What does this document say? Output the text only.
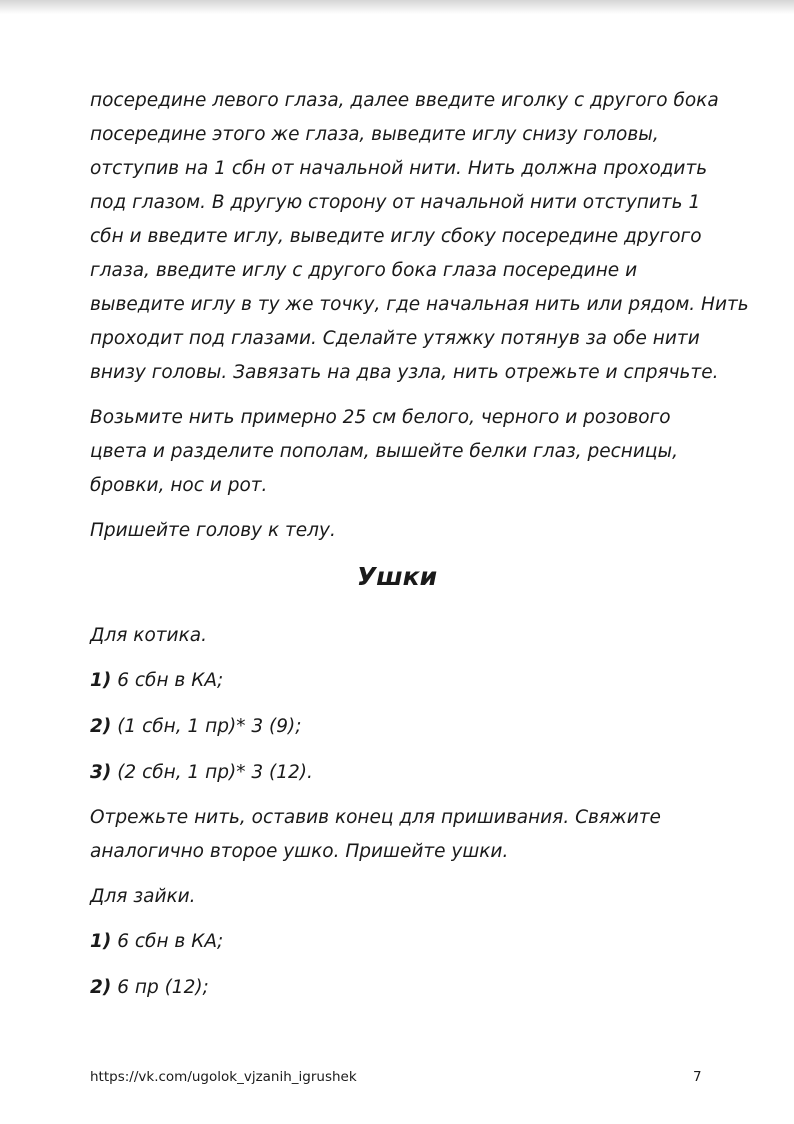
посередине левого глаза, далее введите иголку с другого бока
посередине этого же глаза, выведите иглу снизу головы,
отступив на 1 сбн от начальной нити. Нить должна проходить
под глазом. В другую сторону от начальной нити отступить 1
сбн и введите иглу, выведите иглу сбоку посередине другого
глаза, введите иглу с другого бока глаза посередине и
выведите иглу в ту же точку, где начальная нить или рядом. Нить
проходит под глазами. Сделайте утяжку потянув за обе нити
внизу головы. Завязать на два узла, нить отрежьте и спрячьте.
Возьмите нить примерно 25 см белого, черного и розового
цвета и разделите пополам, вышейте белки глаз, ресницы,
бровки, нос и рот.
Пришейте голову к телу.
Ушки
Для котика.
1) 6 сбн в КА;
2) (1 сбн, 1 пр)* 3 (9);
3) (2 сбн, 1 пр)* 3 (12).
Отрежьте нить, оставив конец для пришивания. Свяжите
аналогично второе ушко. Пришейте ушки.
Для зайки.
1) 6 сбн в КА;
2) 6 пр (12);
https://vk.com/ugolok_vjzanih_igrushek	7
